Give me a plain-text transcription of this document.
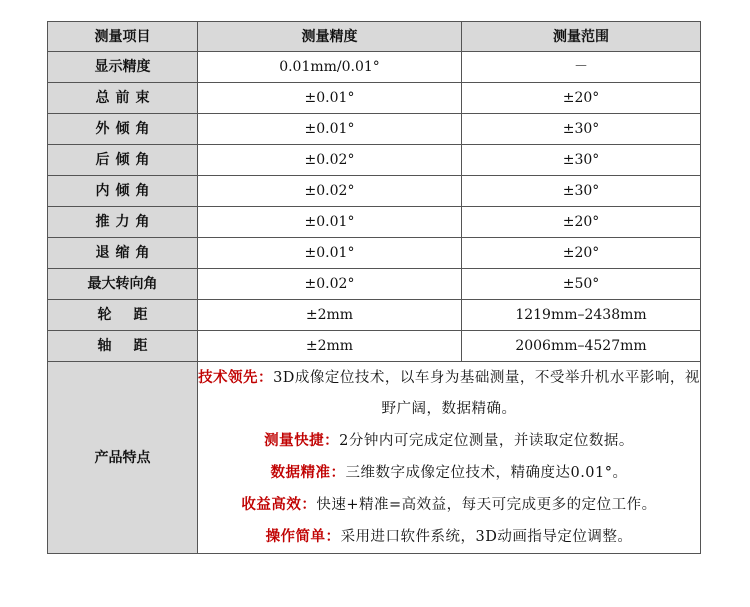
测量项目	测量精度	测量范围
显示精度	0.01mm/0.01°	－
总前束	±0.01°	±20°
外倾角	±0.01°	±30°
后倾角	±0.02°	±30°
内倾角	±0.02°	±30°
推力角	±0.01°	±20°
退缩角	±0.01°	±20°
最大转向角	±0.02°	±50°
轮距	±2mm	1219mm–2438mm
轴距	±2mm	2006mm–4527mm
产品特点	技术领先：3D成像定位技术，以车身为基础测量，不受举升机水平影响，视野广阔，数据精确。

测量快捷：2分钟内可完成定位测量，并读取定位数据。

数据精准：三维数字成像定位技术，精确度达0.01°。

收益高效：快速+精准=高效益，每天可完成更多的定位工作。

操作简单：采用进口软件系统，3D动画指导定位调整。	
